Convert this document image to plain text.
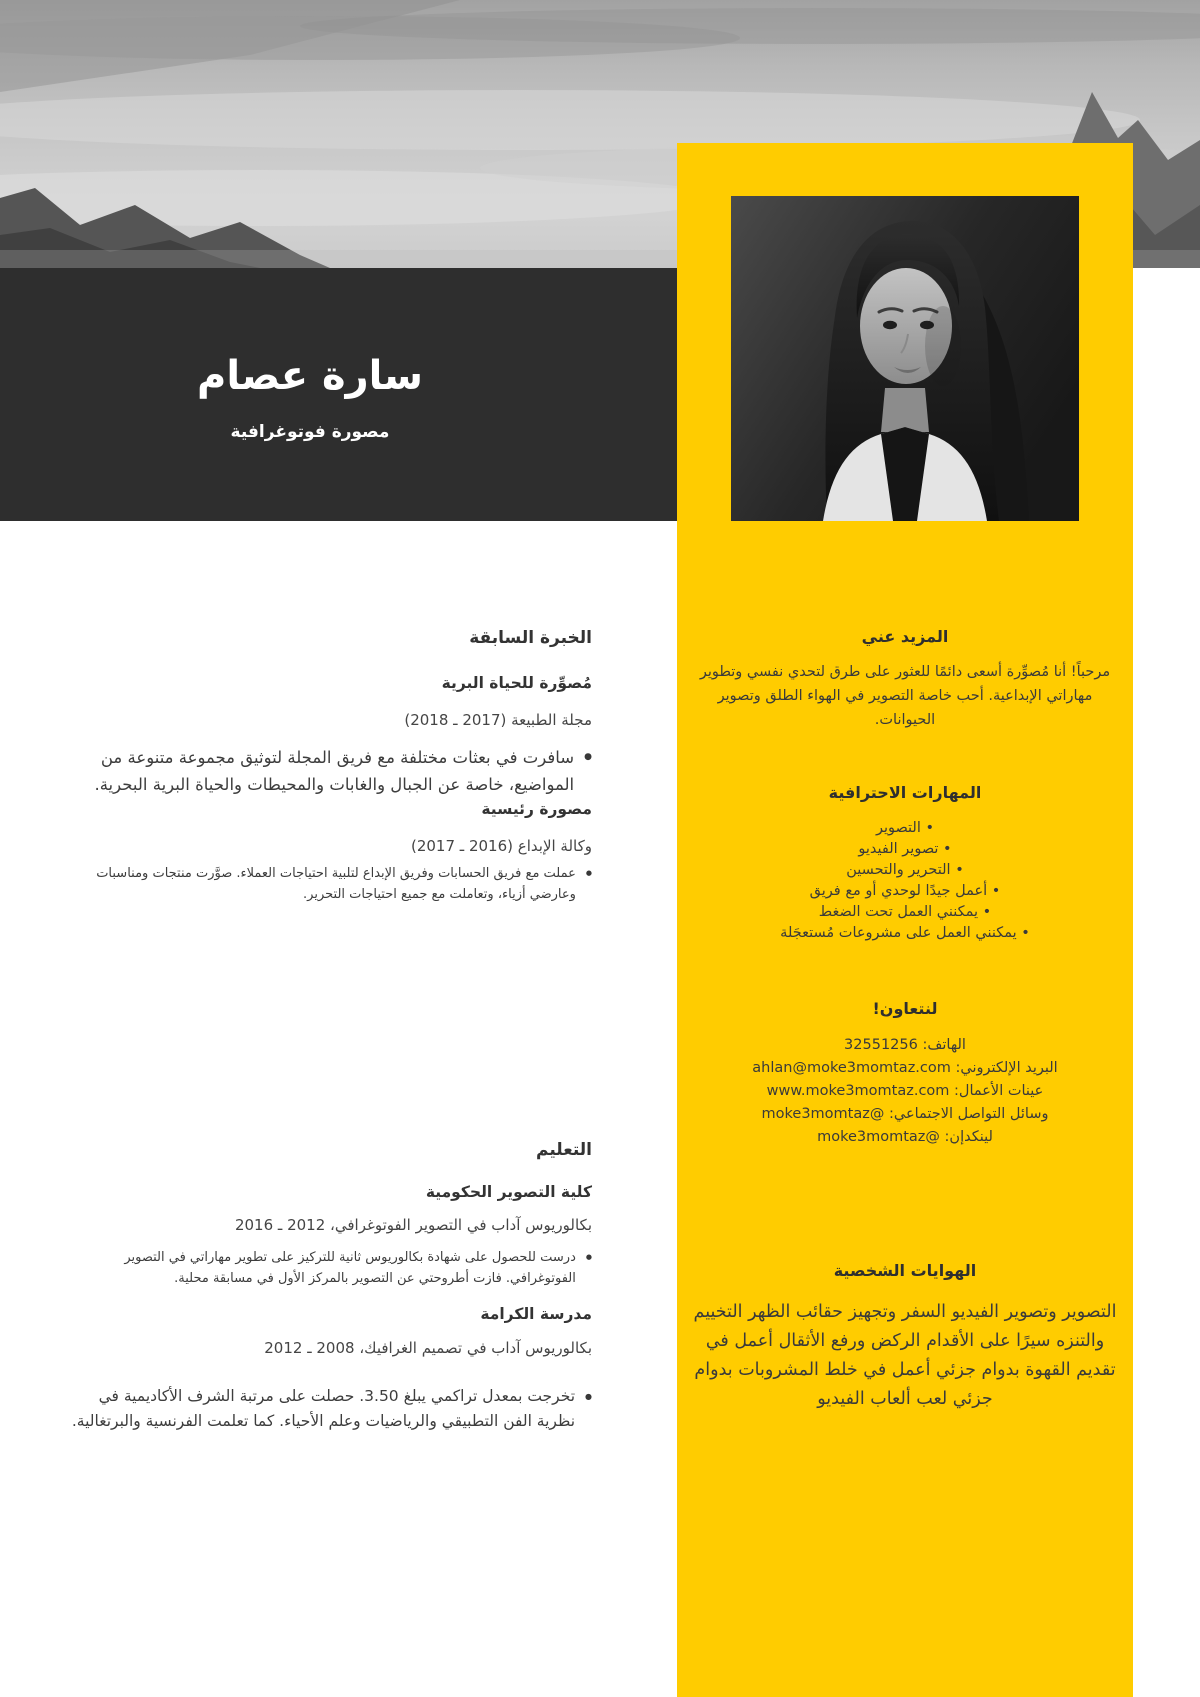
سارة عصام
مصورة فوتوغرافية
المزيد عني

مرحباً! أنا مُصوِّرة أسعى دائمًا للعثور على طرق لتحدي نفسي وتطوير مهاراتي الإبداعية. أحب خاصة التصوير في الهواء الطلق وتصوير الحيوانات.

المهارات الاحترافية
• التصوير
• تصوير الفيديو
• التحرير والتحسين
• أعمل جيدًا لوحدي أو مع فريق
• يمكنني العمل تحت الضغط
• يمكنني العمل على مشروعات مُستعجَلة
لنتعاون!
الهاتف: 32551256
البريد الإلكتروني: ahlan@moke3momtaz.com
عينات الأعمال: www.moke3momtaz.com
وسائل التواصل الاجتماعي: @moke3momtaz
لينكدإن: @moke3momtaz
الهوايات الشخصية

التصوير وتصوير الفيديو السفر وتجهيز حقائب الظهر التخييم والتنزه سيرًا على الأقدام الركض ورفع الأثقال أعمل في تقديم القهوة بدوام جزئي أعمل في خلط المشروبات بدوام جزئي لعب ألعاب الفيديو

الخبرة السابقة
مُصوِّرة للحياة البرية
مجلة الطبيعة (2017 ـ 2018)
● سافرت في بعثات مختلفة مع فريق المجلة لتوثيق مجموعة متنوعة من المواضيع، خاصة عن الجبال والغابات والمحيطات والحياة البرية البحرية.
مصورة رئيسية
وكالة الإبداع (2016 ـ 2017)
● عملت مع فريق الحسابات وفريق الإبداع لتلبية احتياجات العملاء. صوَّرت منتجات ومناسبات وعارضي أزياء، وتعاملت مع جميع احتياجات التحرير.
التعليم
كلية التصوير الحكومية
بكالوريوس آداب في التصوير الفوتوغرافي، 2012 ـ 2016
● درست للحصول على شهادة بكالوريوس ثانية للتركيز على تطوير مهاراتي في التصوير الفوتوغرافي. فازت أطروحتي عن التصوير بالمركز الأول في مسابقة محلية.
مدرسة الكرامة
بكالوريوس آداب في تصميم الغرافيك، 2008 ـ 2012
● تخرجت بمعدل تراكمي يبلغ 3.50. حصلت على مرتبة الشرف الأكاديمية في نظرية الفن التطبيقي والرياضيات وعلم الأحياء. كما تعلمت الفرنسية والبرتغالية.
